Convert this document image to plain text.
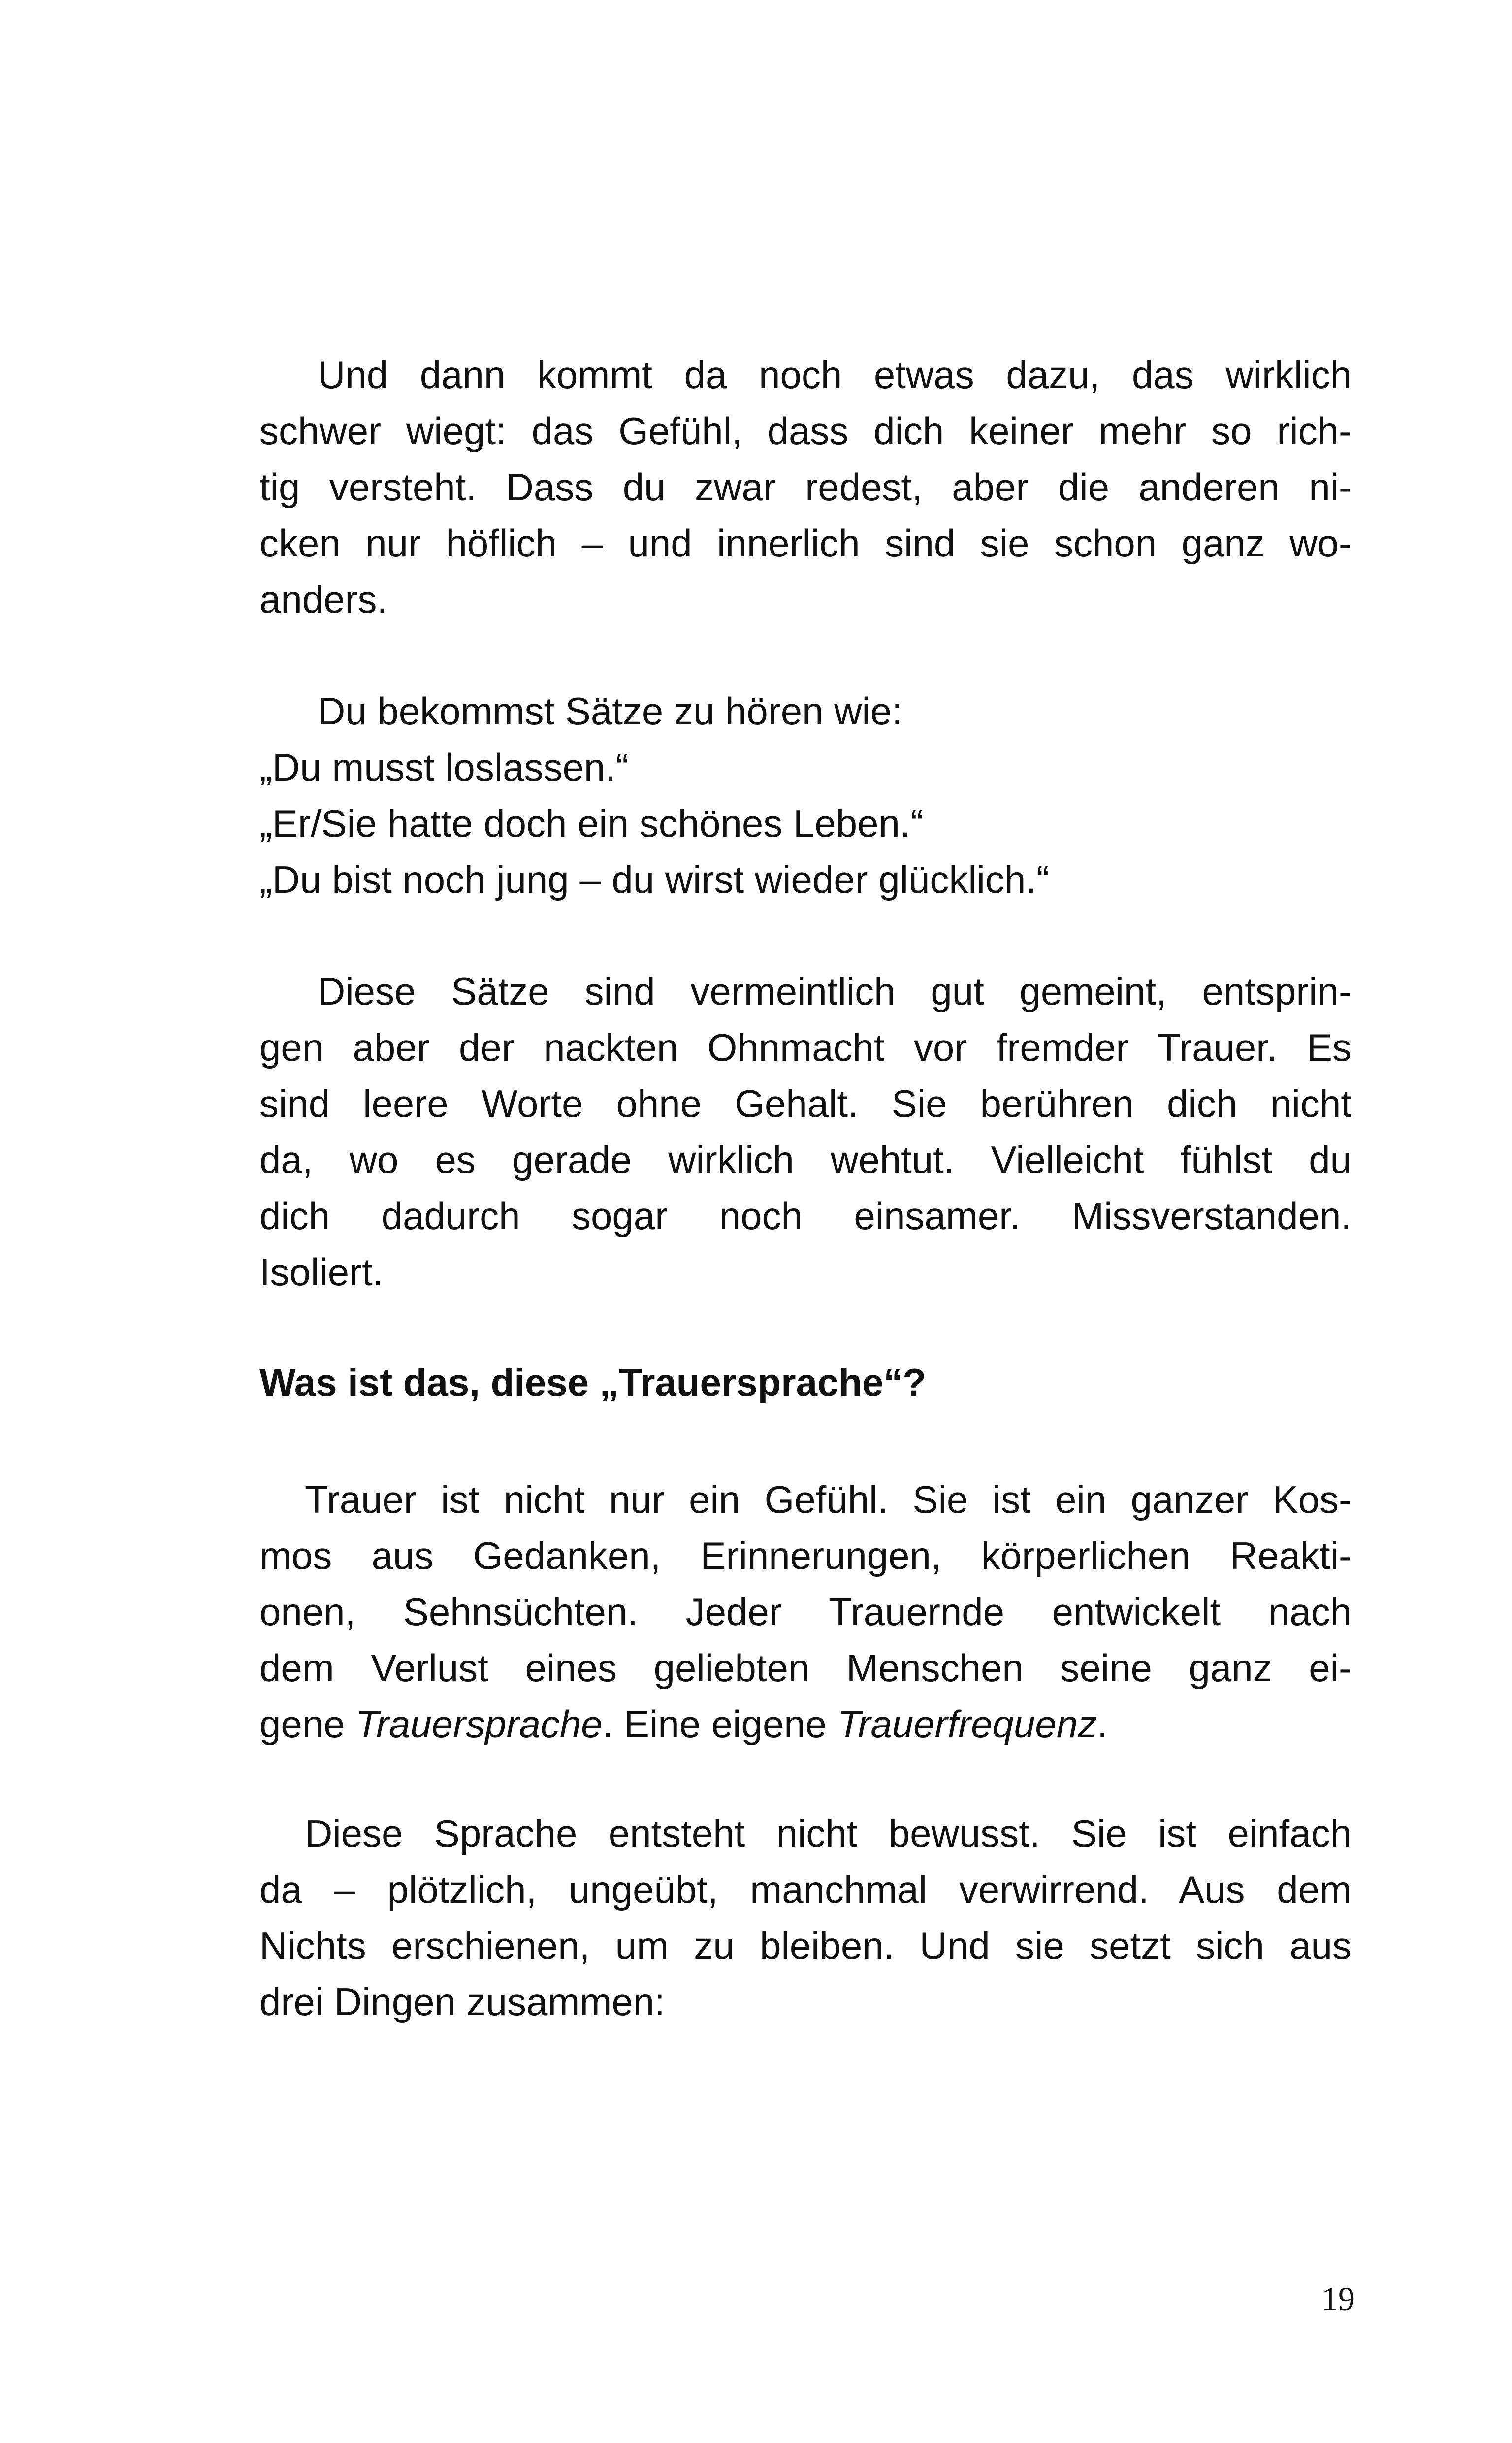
Und dann kommt da noch etwas dazu, das wirklich
schwer wiegt: das Gefühl, dass dich keiner mehr so rich-
tig versteht. Dass du zwar redest, aber die anderen ni-
cken nur höflich – und innerlich sind sie schon ganz wo-
anders.

Du bekommst Sätze zu hören wie:
„Du musst loslassen.“
„Er/Sie hatte doch ein schönes Leben.“
„Du bist noch jung – du wirst wieder glücklich.“

Diese Sätze sind vermeintlich gut gemeint, entsprin-
gen aber der nackten Ohnmacht vor fremder Trauer. Es
sind leere Worte ohne Gehalt. Sie berühren dich nicht
da, wo es gerade wirklich wehtut. Vielleicht fühlst du
dich dadurch sogar noch einsamer. Missverstanden.
Isoliert.

Was ist das, diese „Trauersprache“?

Trauer ist nicht nur ein Gefühl. Sie ist ein ganzer Kos-
mos aus Gedanken, Erinnerungen, körperlichen Reakti-
onen, Sehnsüchten. Jeder Trauernde entwickelt nach
dem Verlust eines geliebten Menschen seine ganz ei-
gene Trauersprache. Eine eigene Trauerfrequenz.

Diese Sprache entsteht nicht bewusst. Sie ist einfach
da – plötzlich, ungeübt, manchmal verwirrend. Aus dem
Nichts erschienen, um zu bleiben. Und sie setzt sich aus
drei Dingen zusammen:

19
